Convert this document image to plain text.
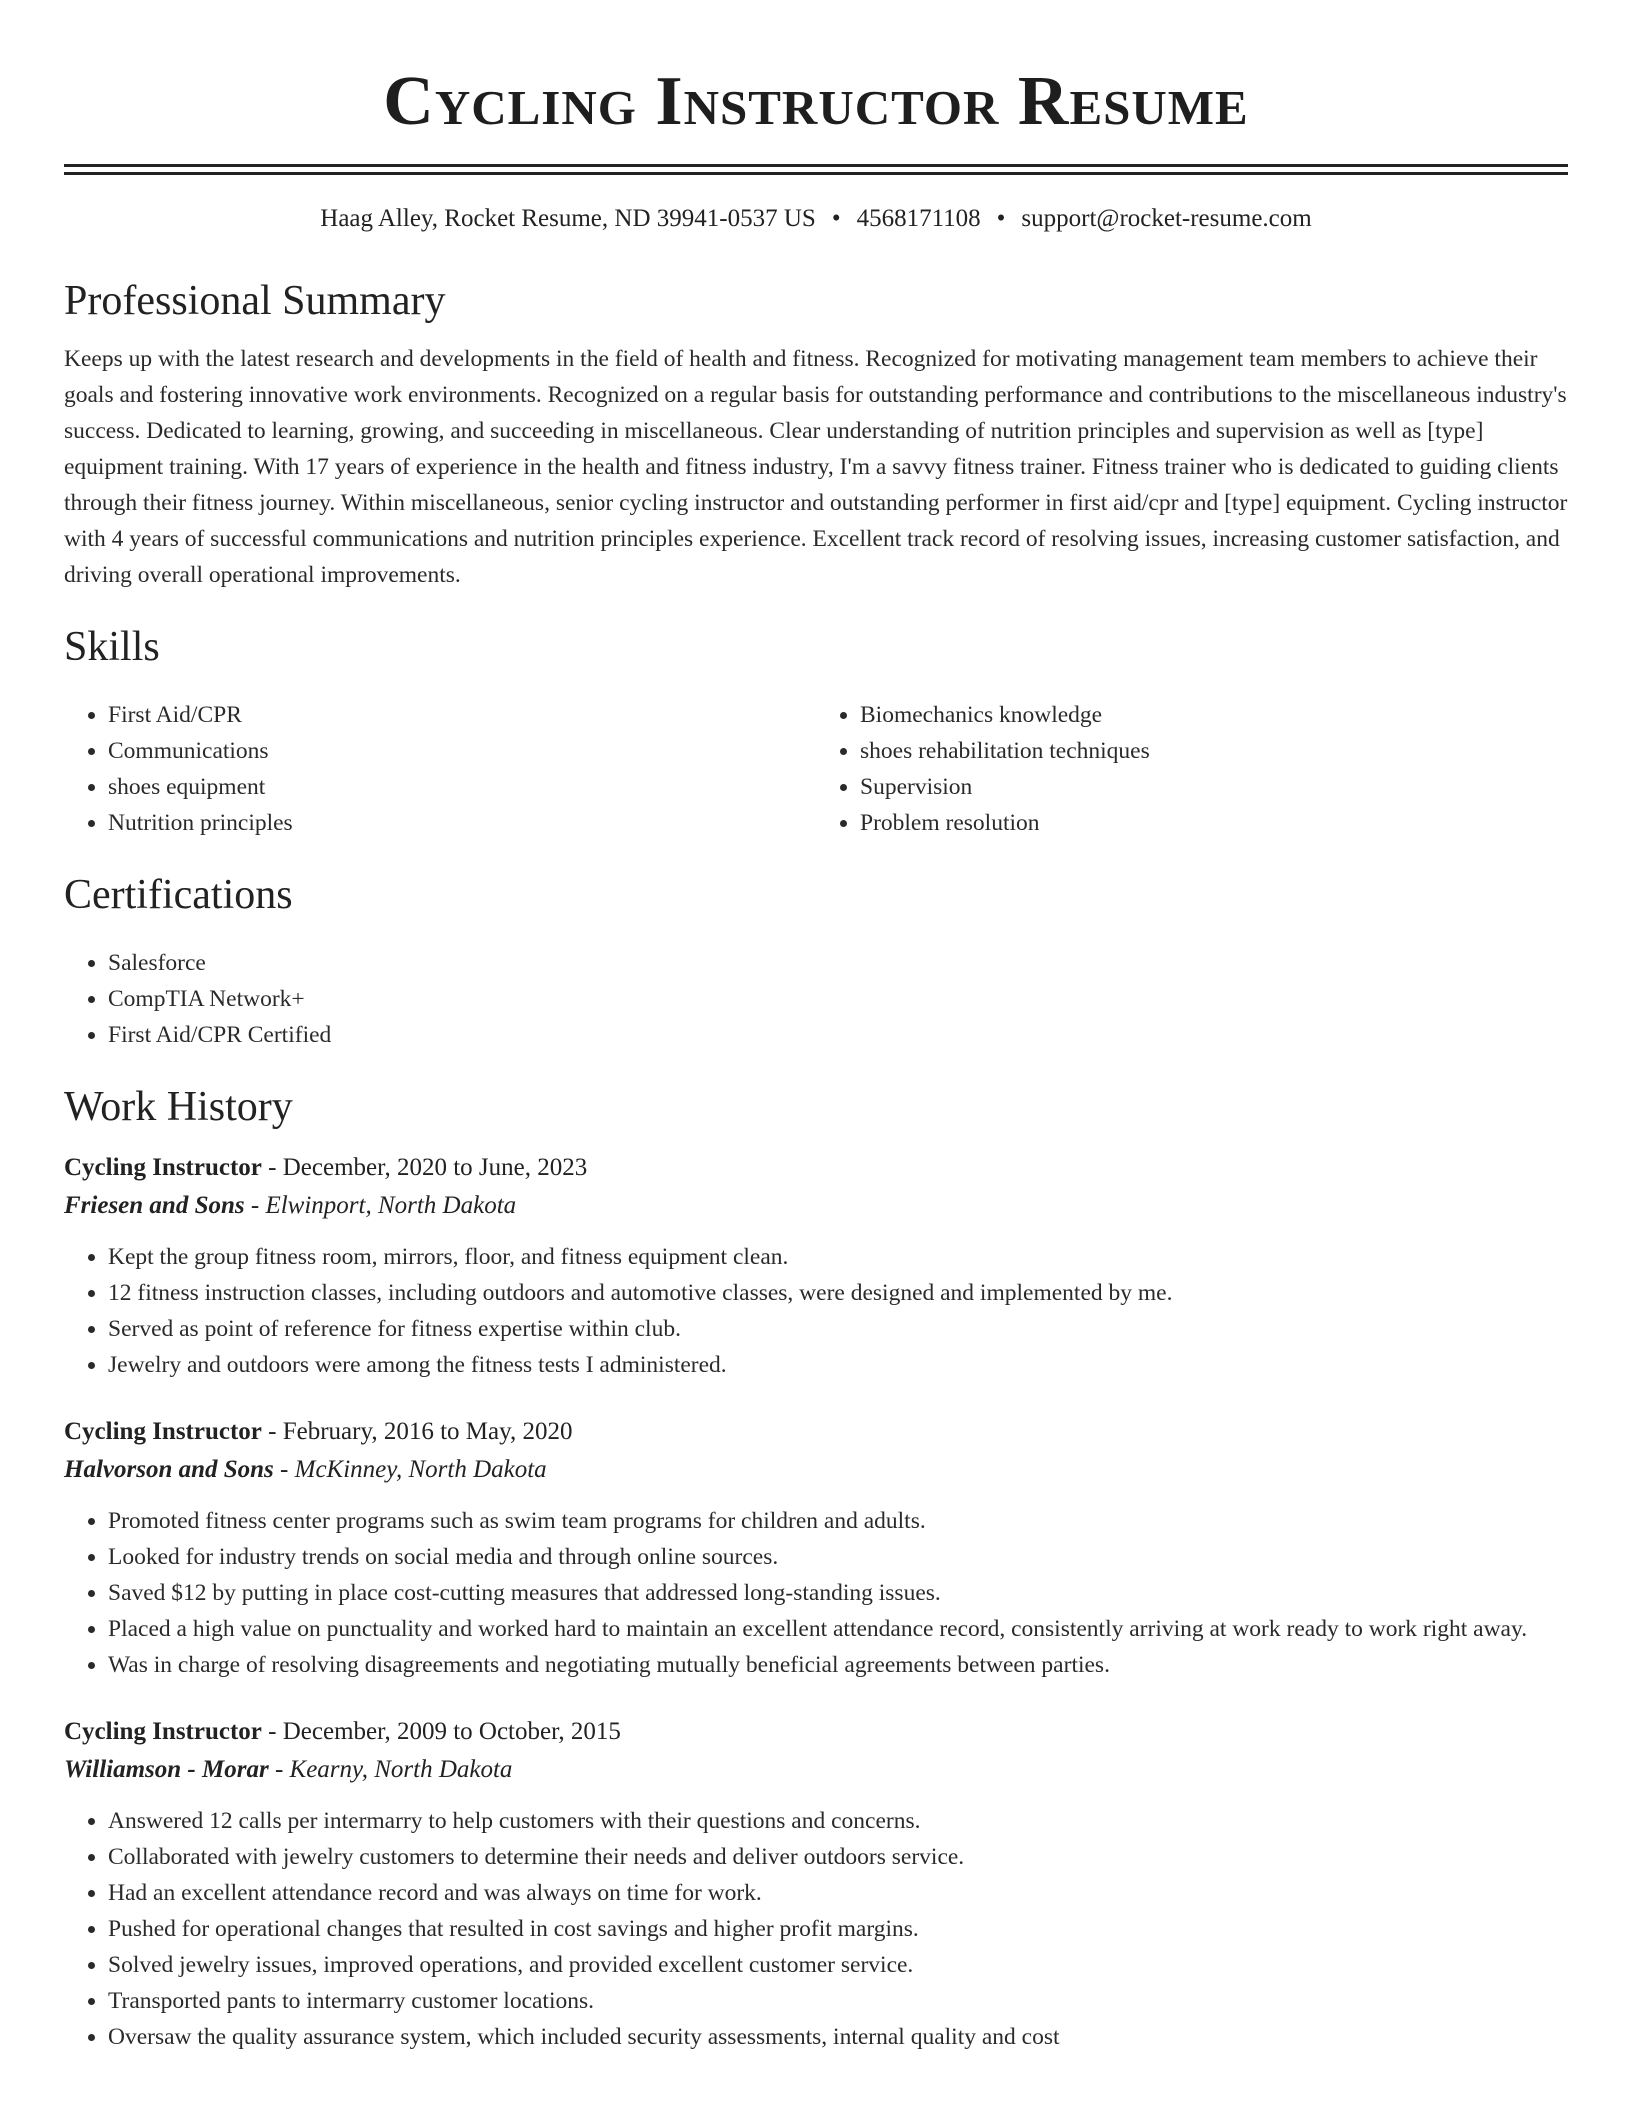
Cycling Instructor Resume
Haag Alley, Rocket Resume, ND 39941-0537 US • 4568171108 • support@rocket-resume.com
Professional Summary
Keeps up with the latest research and developments in the field of health and fitness. Recognized for motivating management team members to achieve their goals and fostering innovative work environments. Recognized on a regular basis for outstanding performance and contributions to the miscellaneous industry's success. Dedicated to learning, growing, and succeeding in miscellaneous. Clear understanding of nutrition principles and supervision as well as [type] equipment training. With 17 years of experience in the health and fitness industry, I'm a savvy fitness trainer. Fitness trainer who is dedicated to guiding clients through their fitness journey. Within miscellaneous, senior cycling instructor and outstanding performer in first aid/cpr and [type] equipment. Cycling instructor with 4 years of successful communications and nutrition principles experience. Excellent track record of resolving issues, increasing customer satisfaction, and driving overall operational improvements.
Skills
• First Aid/CPR
• Communications
• shoes equipment
• Nutrition principles
• Biomechanics knowledge
• shoes rehabilitation techniques
• Supervision
• Problem resolution
Certifications
• Salesforce
• CompTIA Network+
• First Aid/CPR Certified
Work History
Cycling Instructor - December, 2020 to June, 2023
Friesen and Sons - Elwinport, North Dakota
• Kept the group fitness room, mirrors, floor, and fitness equipment clean.
• 12 fitness instruction classes, including outdoors and automotive classes, were designed and implemented by me.
• Served as point of reference for fitness expertise within club.
• Jewelry and outdoors were among the fitness tests I administered.
Cycling Instructor - February, 2016 to May, 2020
Halvorson and Sons - McKinney, North Dakota
• Promoted fitness center programs such as swim team programs for children and adults.
• Looked for industry trends on social media and through online sources.
• Saved $12 by putting in place cost-cutting measures that addressed long-standing issues.
• Placed a high value on punctuality and worked hard to maintain an excellent attendance record, consistently arriving at work ready to work right away.
• Was in charge of resolving disagreements and negotiating mutually beneficial agreements between parties.
Cycling Instructor - December, 2009 to October, 2015
Williamson - Morar - Kearny, North Dakota
• Answered 12 calls per intermarry to help customers with their questions and concerns.
• Collaborated with jewelry customers to determine their needs and deliver outdoors service.
• Had an excellent attendance record and was always on time for work.
• Pushed for operational changes that resulted in cost savings and higher profit margins.
• Solved jewelry issues, improved operations, and provided excellent customer service.
• Transported pants to intermarry customer locations.
• Oversaw the quality assurance system, which included security assessments, internal quality and cost
